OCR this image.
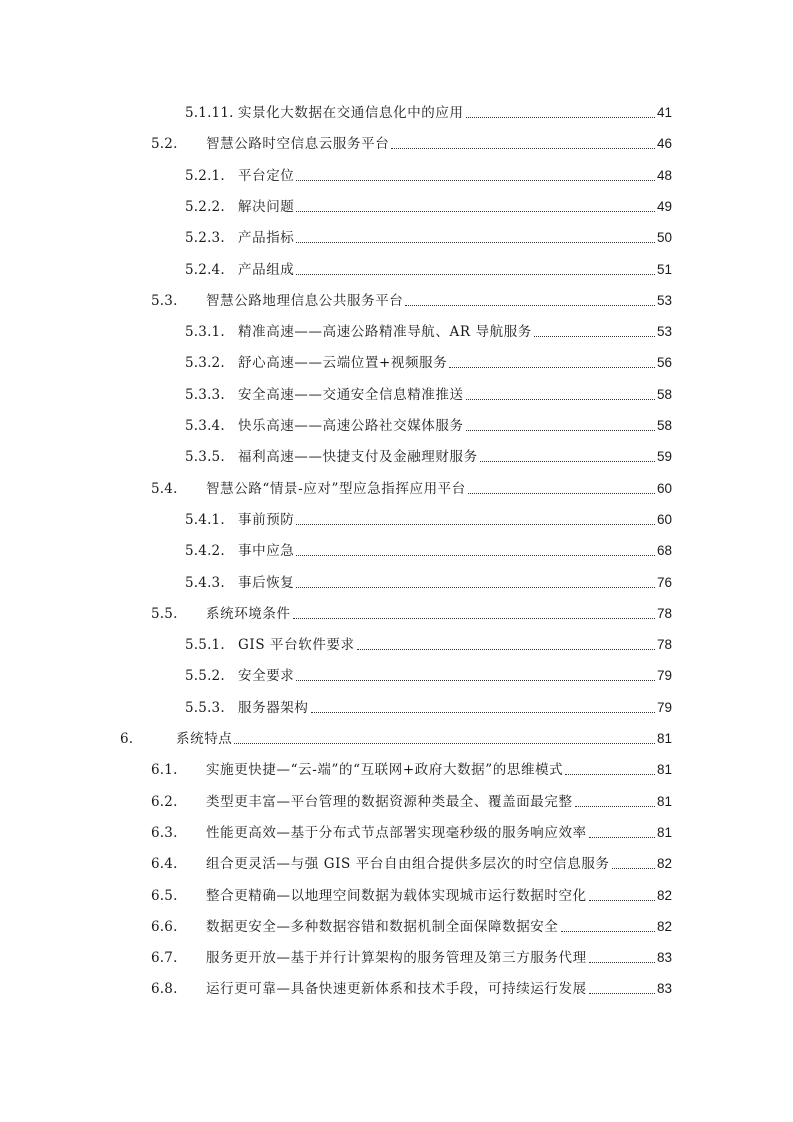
5.1.11. 实景化大数据在交通信息化中的应用	41
5.2.	智慧公路时空信息云服务平台	46
5.2.1. 平台定位	48
5.2.2. 解决问题	49
5.2.3. 产品指标	50
5.2.4. 产品组成	51
5.3.	智慧公路地理信息公共服务平台	53
5.3.1. 精准高速——高速公路精准导航、AR 导航服务	53
5.3.2. 舒心高速——云端位置+视频服务	56
5.3.3. 安全高速——交通安全信息精准推送	58
5.3.4. 快乐高速——高速公路社交媒体服务	58
5.3.5. 福利高速——快捷支付及金融理财服务	59
5.4.	智慧公路“情景-应对”型应急指挥应用平台	60
5.4.1. 事前预防	60
5.4.2. 事中应急	68
5.4.3. 事后恢复	76
5.5.	系统环境条件	78
5.5.1. GIS 平台软件要求	78
5.5.2. 安全要求	79
5.5.3. 服务器架构	79
6.	系统特点	81
6.1.	实施更快捷—“云-端”的“互联网+政府大数据”的思维模式	81
6.2.	类型更丰富—平台管理的数据资源种类最全、覆盖面最完整	81
6.3.	性能更高效—基于分布式节点部署实现毫秒级的服务响应效率	81
6.4.	组合更灵活—与强 GIS 平台自由组合提供多层次的时空信息服务	82
6.5.	整合更精确—以地理空间数据为载体实现城市运行数据时空化	82
6.6.	数据更安全—多种数据容错和数据机制全面保障数据安全	82
6.7.	服务更开放—基于并行计算架构的服务管理及第三方服务代理	83
6.8.	运行更可靠—具备快速更新体系和技术手段，可持续运行发展	83
